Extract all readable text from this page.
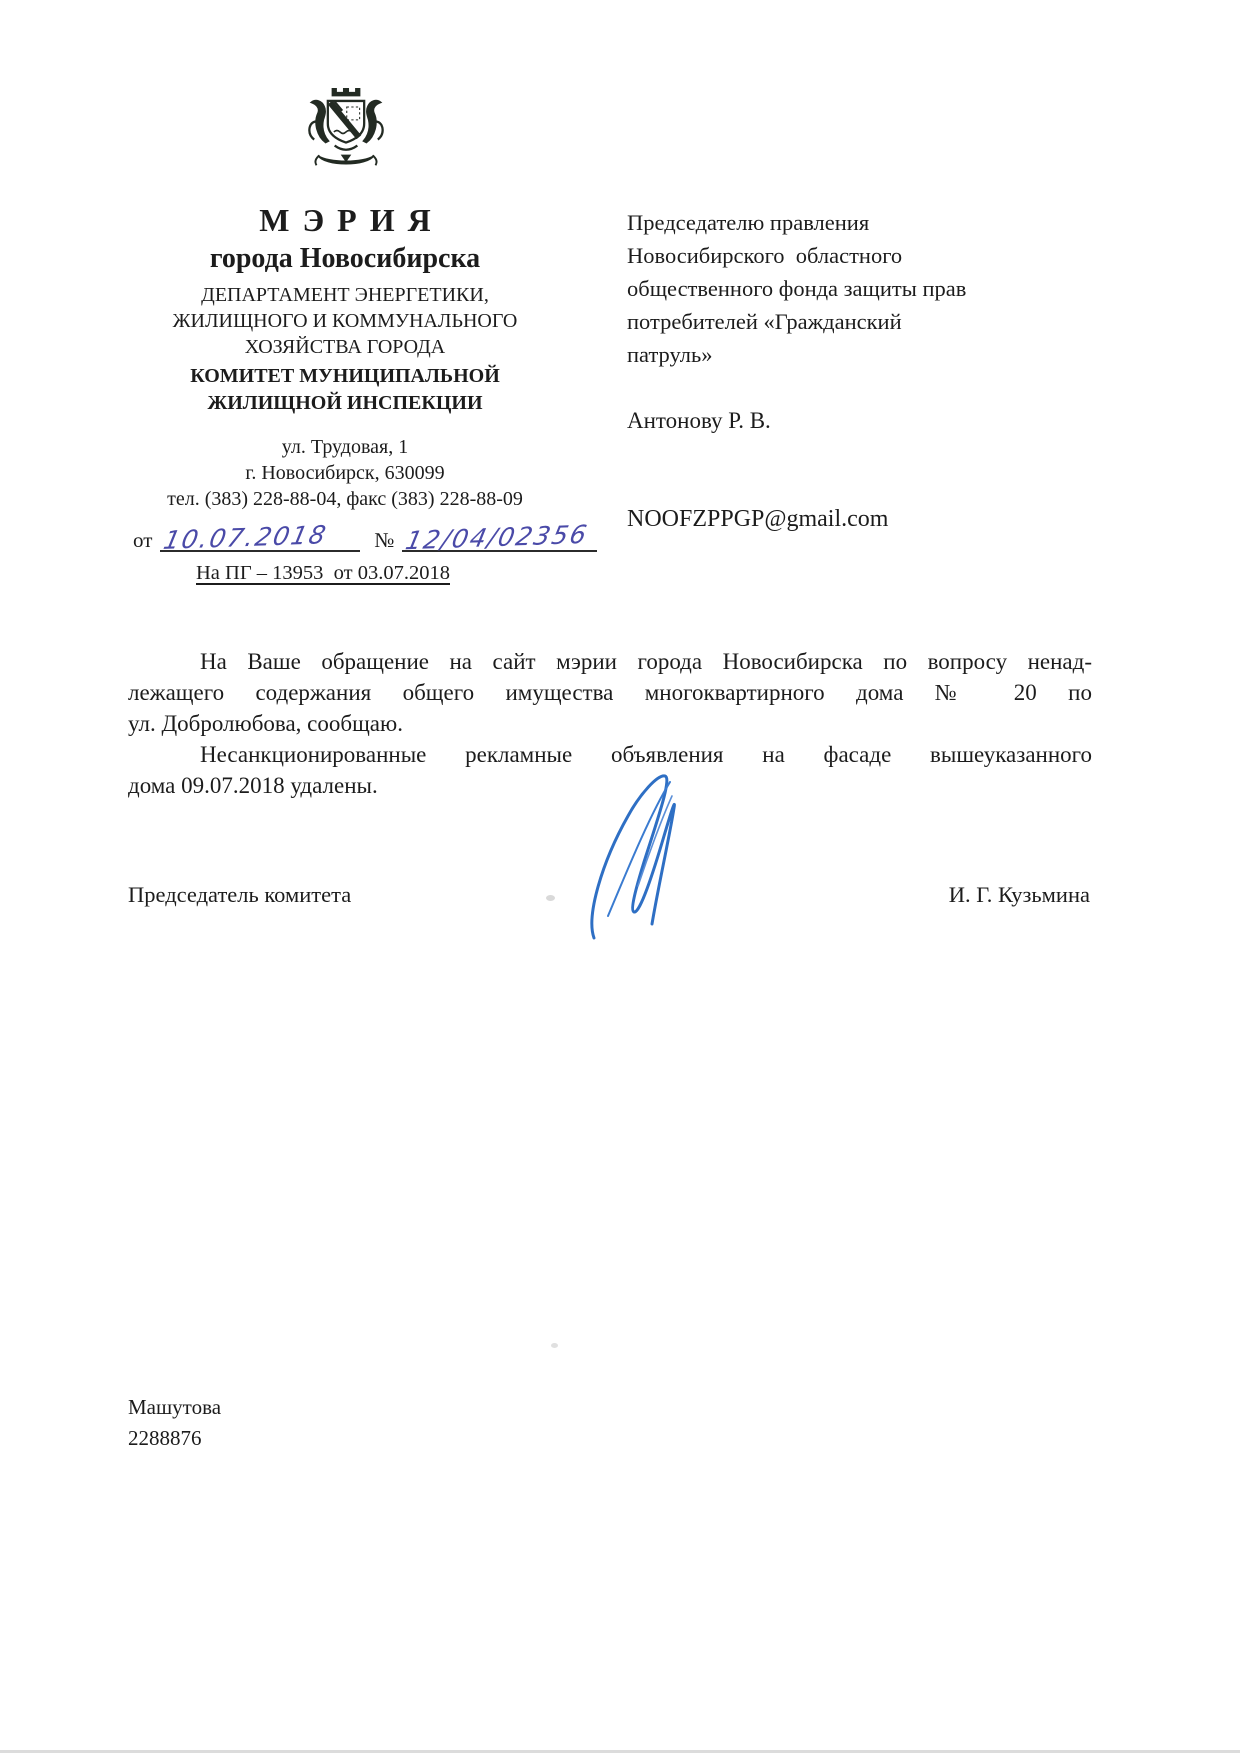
МЭРИЯ
города Новосибирска
ДЕПАРТАМЕНТ ЭНЕРГЕТИКИ,
ЖИЛИЩНОГО И КОММУНАЛЬНОГО
ХОЗЯЙСТВА ГОРОДА
КОМИТЕТ МУНИЦИПАЛЬНОЙ
ЖИЛИЩНОЙ ИНСПЕКЦИИ
ул. Трудовая, 1
г. Новосибирск, 630099
тел. (383) 228-88-04, факс (383) 228-88-09
от 10.07.2018 № 12/04/02356
На ПГ – 13953  от 03.07.2018
Председателю правления
Новосибирского  областного
общественного фонда защиты прав
потребителей «Гражданский
патруль»
Антонову Р. В.
NOOFZPPGP@gmail.com
На Ваше обращение на сайт мэрии города Новосибирска по вопросу ненад-
лежащего содержания общего имущества многоквартирного дома № 20 по
ул. Добролюбова, сообщаю.
Несанкционированные рекламные объявления на фасаде вышеуказанного
дома 09.07.2018 удалены.
Председатель комитета	И. Г. Кузьмина
Машутова
2288876
